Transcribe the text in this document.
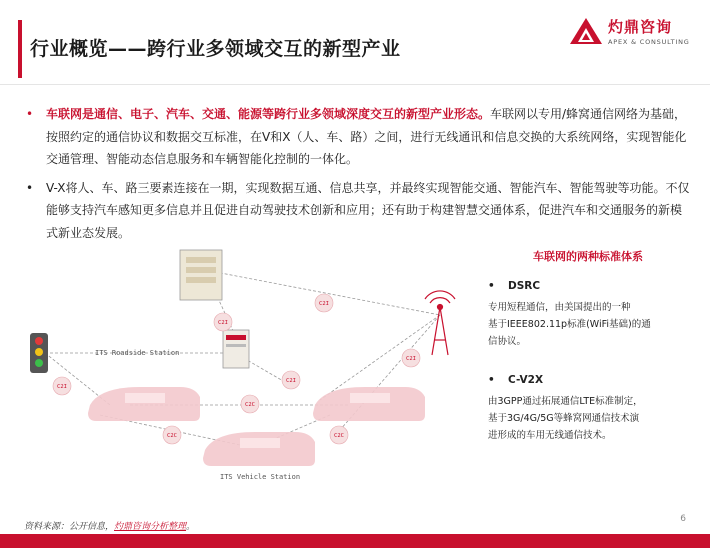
行业概览——跨行业多领域交互的新型产业
灼鼎咨询
APEX & CONSULTING
• 车联网是通信、电子、汽车、交通、能源等跨行业多领域深度交互的新型产业形态。车联网以专用/蜂窝通信网络为基础，按照约定的通信协议和数据交互标准，在V和X（人、车、路）之间，进行无线通讯和信息交换的大系统网络，实现智能化交通管理、智能动态信息服务和车辆智能化控制的一体化。
• V-X将人、车、路三要素连接在一期，实现数据互通、信息共享，并最终实现智能交通、智能汽车、智能驾驶等功能。不仅能够支持汽车感知更多信息并且促进自动驾驶技术创新和应用；还有助于构建智慧交通体系，促进汽车和交通服务的新模式新业态发展。
ITS Roadside Station
ITS Vehicle Station
C2I
C2I
C2I
C2I
C2I
C2C
C2C	C2C
车联网的两种标准体系
• DSRC
专用短程通信，由美国提出的一种
基于IEEE802.11p标准(WiFi基础)的通
信协议。
• C-V2X
由3GPP通过拓展通信LTE标准制定，
基于3G/4G/5G等蜂窝网通信技术演
进形成的车用无线通信技术。
资料来源：公开信息，灼鼎咨询分析整理。
6
